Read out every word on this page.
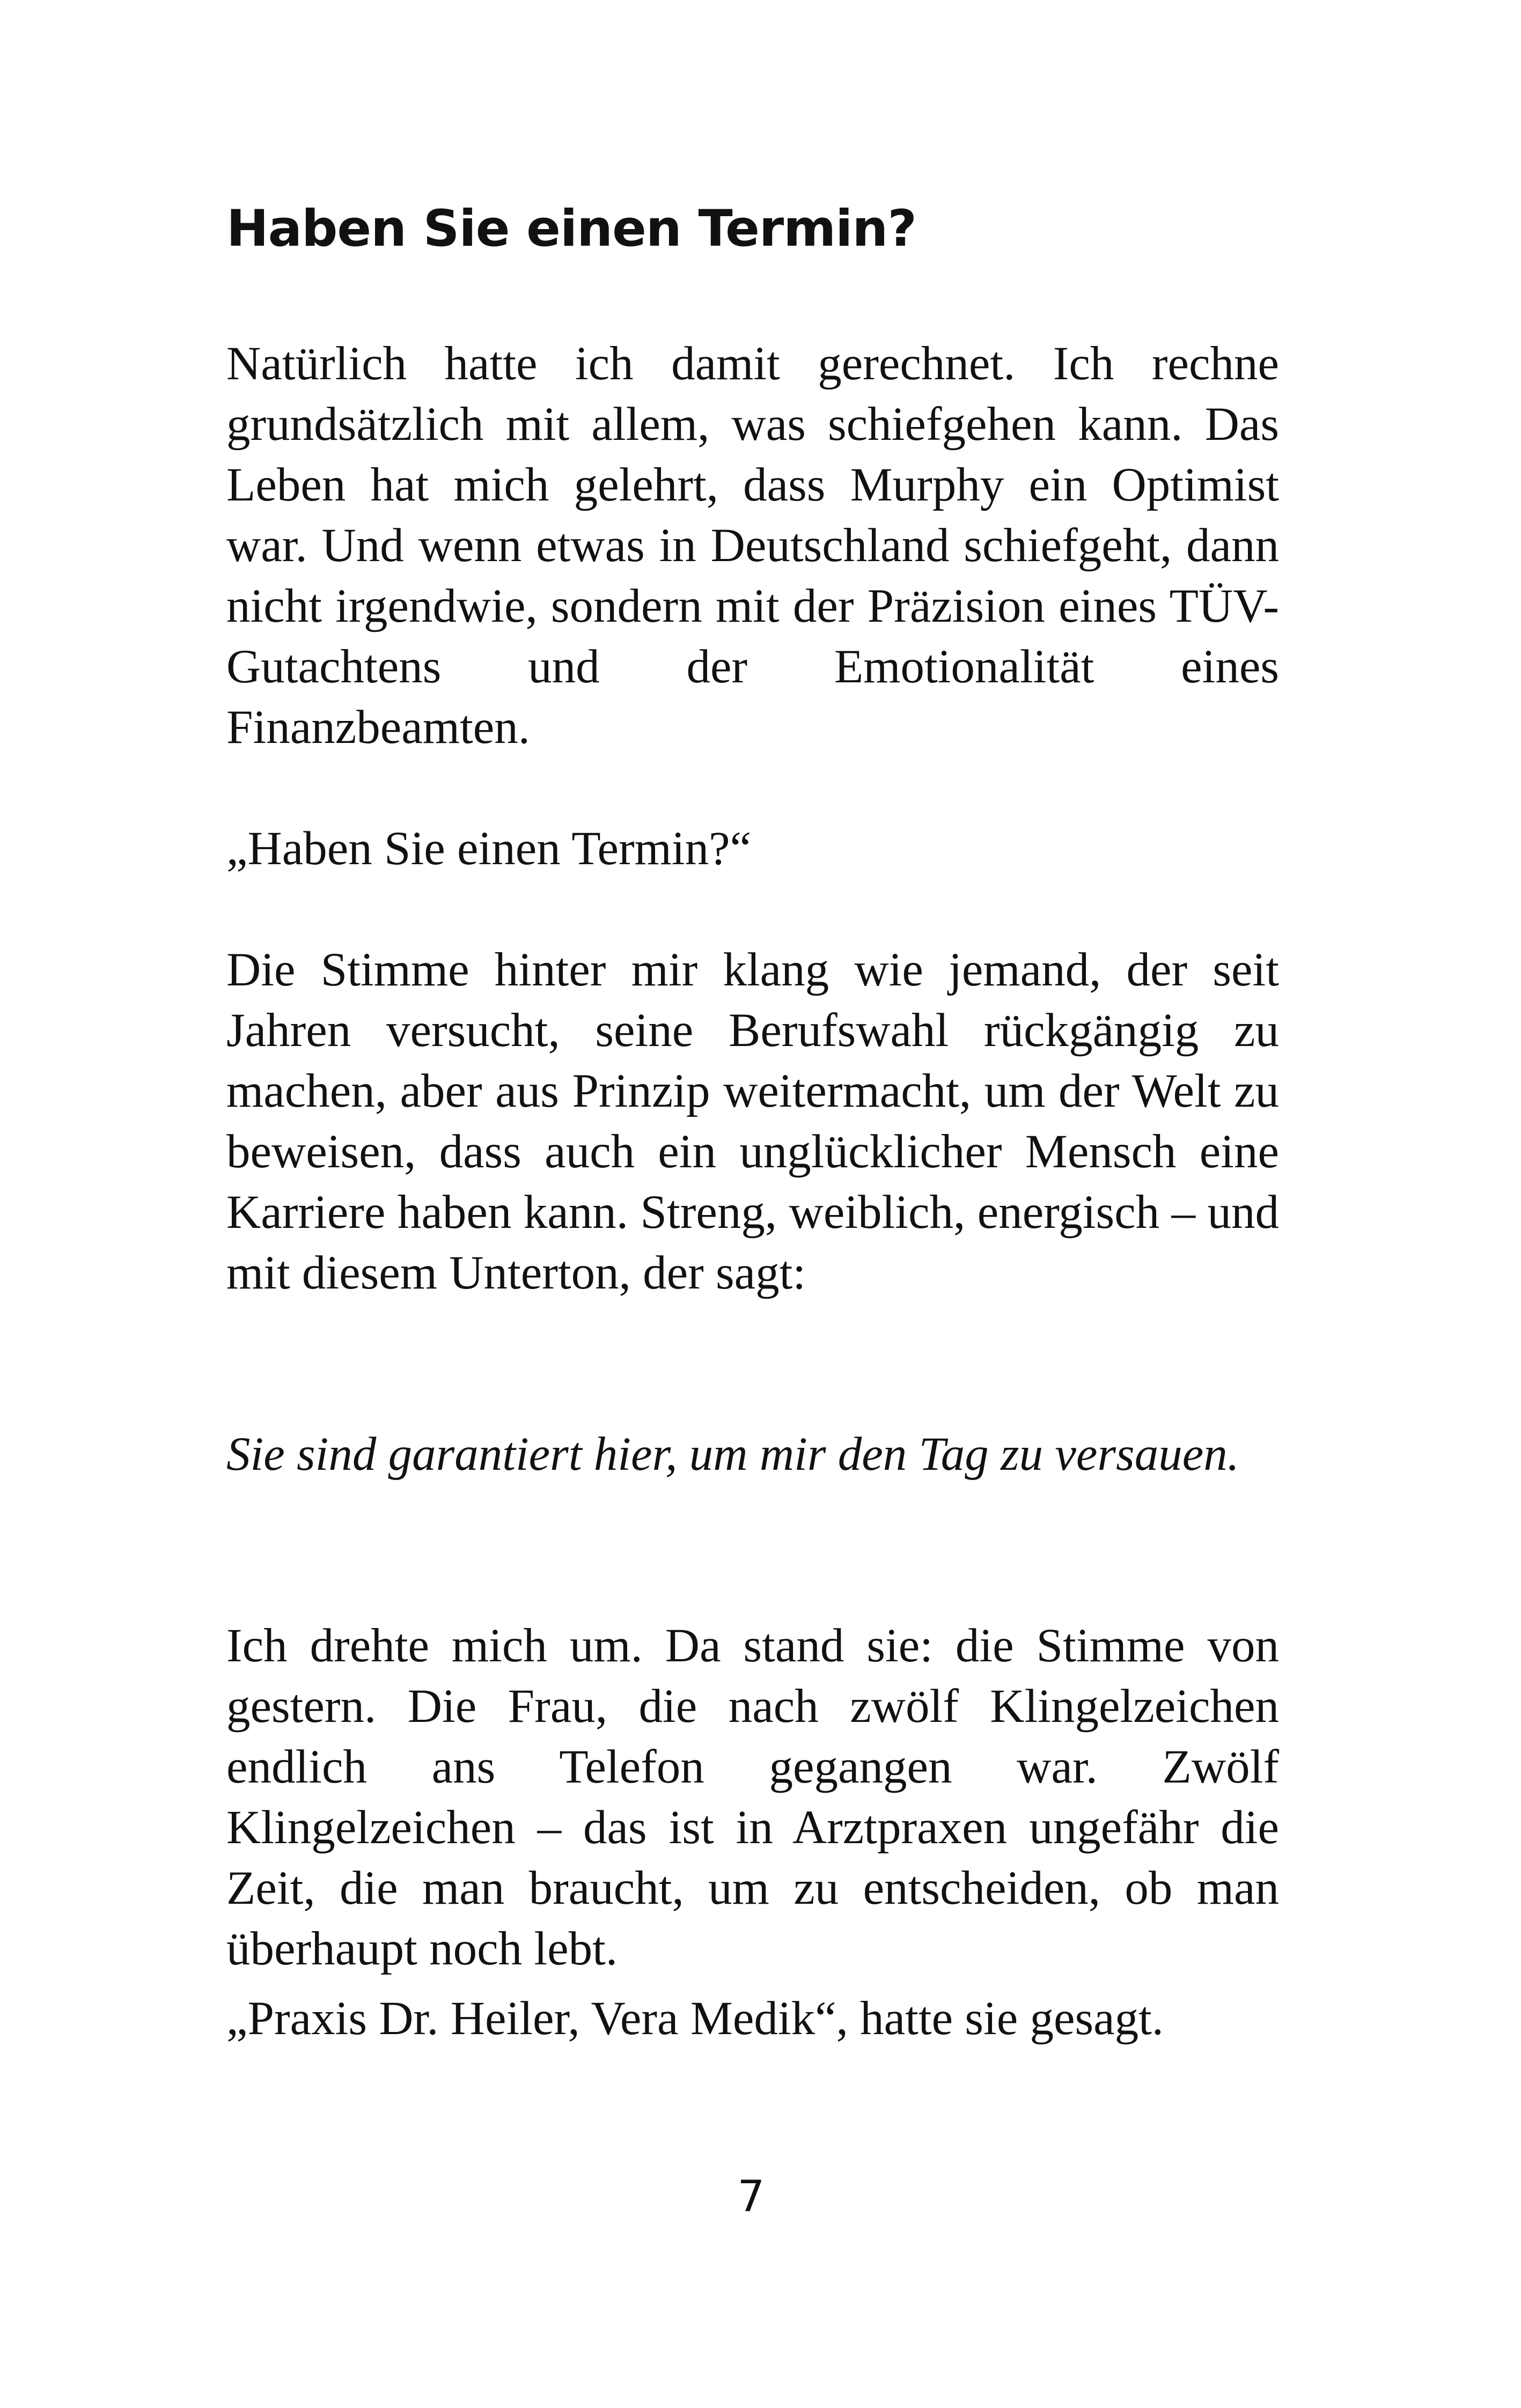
Haben Sie einen Termin?

Natürlich hatte ich damit gerechnet. Ich rechne grundsätzlich mit allem, was schiefgehen kann. Das Leben hat mich gelehrt, dass Murphy ein Optimist war. Und wenn etwas in Deutschland schiefgeht, dann nicht irgendwie, sondern mit der Präzision eines TÜV-Gutachtens und der Emotionalität eines Finanzbeamten.

„Haben Sie einen Termin?“

Die Stimme hinter mir klang wie jemand, der seit Jahren versucht, seine Berufswahl rückgängig zu machen, aber aus Prinzip weitermacht, um der Welt zu beweisen, dass auch ein unglücklicher Mensch eine Karriere haben kann. Streng, weiblich, energisch – und mit diesem Unterton, der sagt:

Sie sind garantiert hier, um mir den Tag zu versauen.

Ich drehte mich um. Da stand sie: die Stimme von gestern. Die Frau, die nach zwölf Klingelzeichen endlich ans Telefon gegangen war. Zwölf Klingelzeichen – das ist in Arztpraxen ungefähr die Zeit, die man braucht, um zu entscheiden, ob man überhaupt noch lebt.

„Praxis Dr. Heiler, Vera Medik“, hatte sie gesagt.

7
